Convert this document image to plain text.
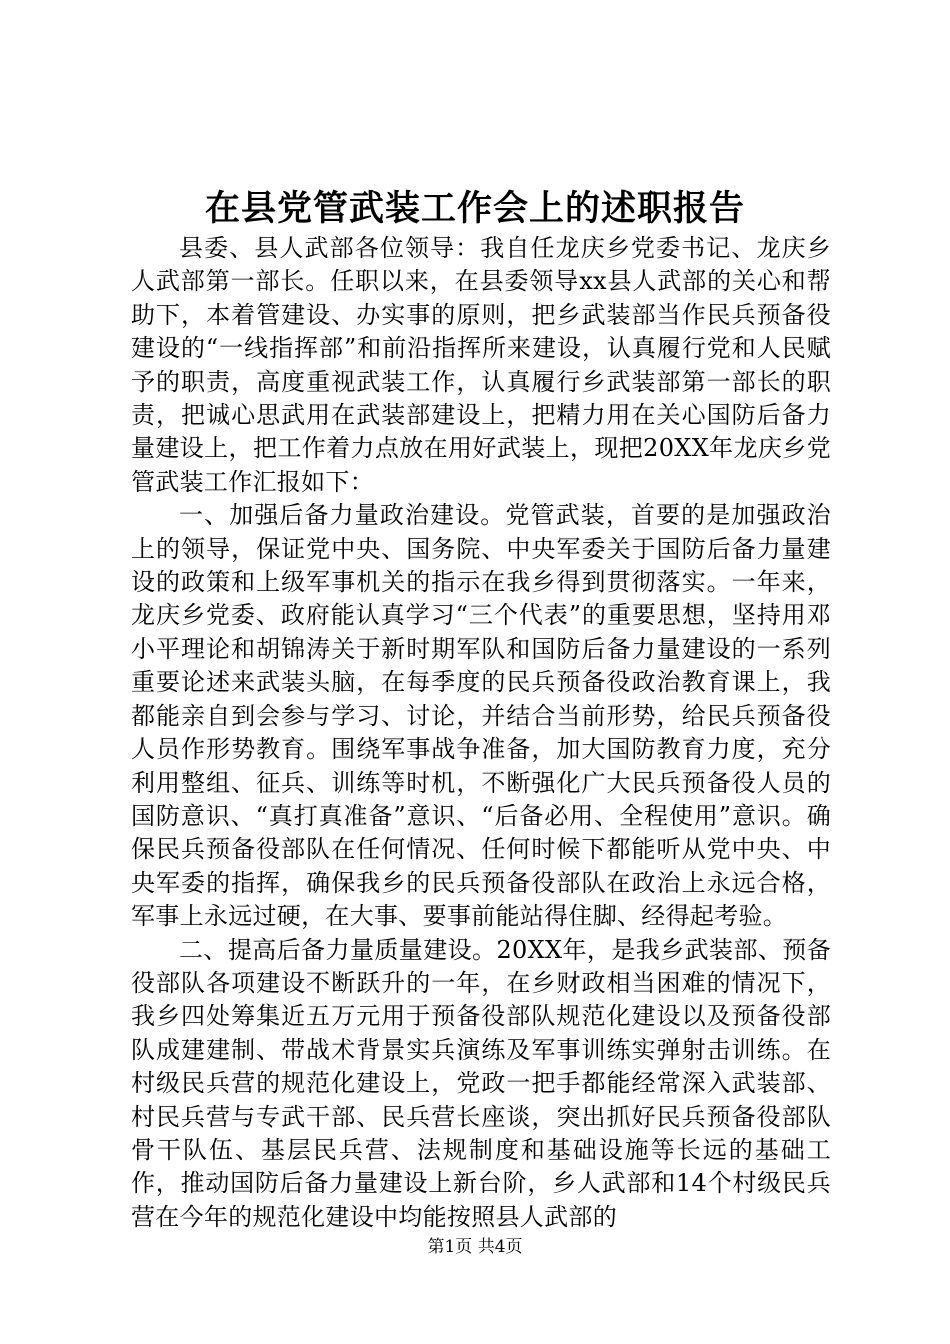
在县党管武装工作会上的述职报告

县委、县人武部各位领导：我自任龙庆乡党委书记、龙庆乡人武部第一部长。任职以来，在县委领导xx县人武部的关心和帮助下，本着管建设、办实事的原则，把乡武装部当作民兵预备役建设的“一线指挥部”和前沿指挥所来建设，认真履行党和人民赋予的职责，高度重视武装工作，认真履行乡武装部第一部长的职责，把诚心思武用在武装部建设上，把精力用在关心国防后备力量建设上，把工作着力点放在用好武装上，现把20XX年龙庆乡党管武装工作汇报如下：

一、加强后备力量政治建设。党管武装，首要的是加强政治上的领导，保证党中央、国务院、中央军委关于国防后备力量建设的政策和上级军事机关的指示在我乡得到贯彻落实。一年来，龙庆乡党委、政府能认真学习“三个代表”的重要思想，坚持用邓小平理论和胡锦涛关于新时期军队和国防后备力量建设的一系列重要论述来武装头脑，在每季度的民兵预备役政治教育课上，我都能亲自到会参与学习、讨论，并结合当前形势，给民兵预备役人员作形势教育。围绕军事战争准备，加大国防教育力度，充分利用整组、征兵、训练等时机，不断强化广大民兵预备役人员的国防意识、“真打真准备”意识、“后备必用、全程使用”意识。确保民兵预备役部队在任何情况、任何时候下都能听从党中央、中央军委的指挥，确保我乡的民兵预备役部队在政治上永远合格，军事上永远过硬，在大事、要事前能站得住脚、经得起考验。

二、提高后备力量质量建设。20XX年，是我乡武装部、预备役部队各项建设不断跃升的一年，在乡财政相当困难的情况下，我乡四处筹集近五万元用于预备役部队规范化建设以及预备役部队成建建制、带战术背景实兵演练及军事训练实弹射击训练。在村级民兵营的规范化建设上，党政一把手都能经常深入武装部、村民兵营与专武干部、民兵营长座谈，突出抓好民兵预备役部队骨干队伍、基层民兵营、法规制度和基础设施等长远的基础工作，推动国防后备力量建设上新台阶，乡人武部和14个村级民兵营在今年的规范化建设中均能按照县人武部的

第1页 共4页
